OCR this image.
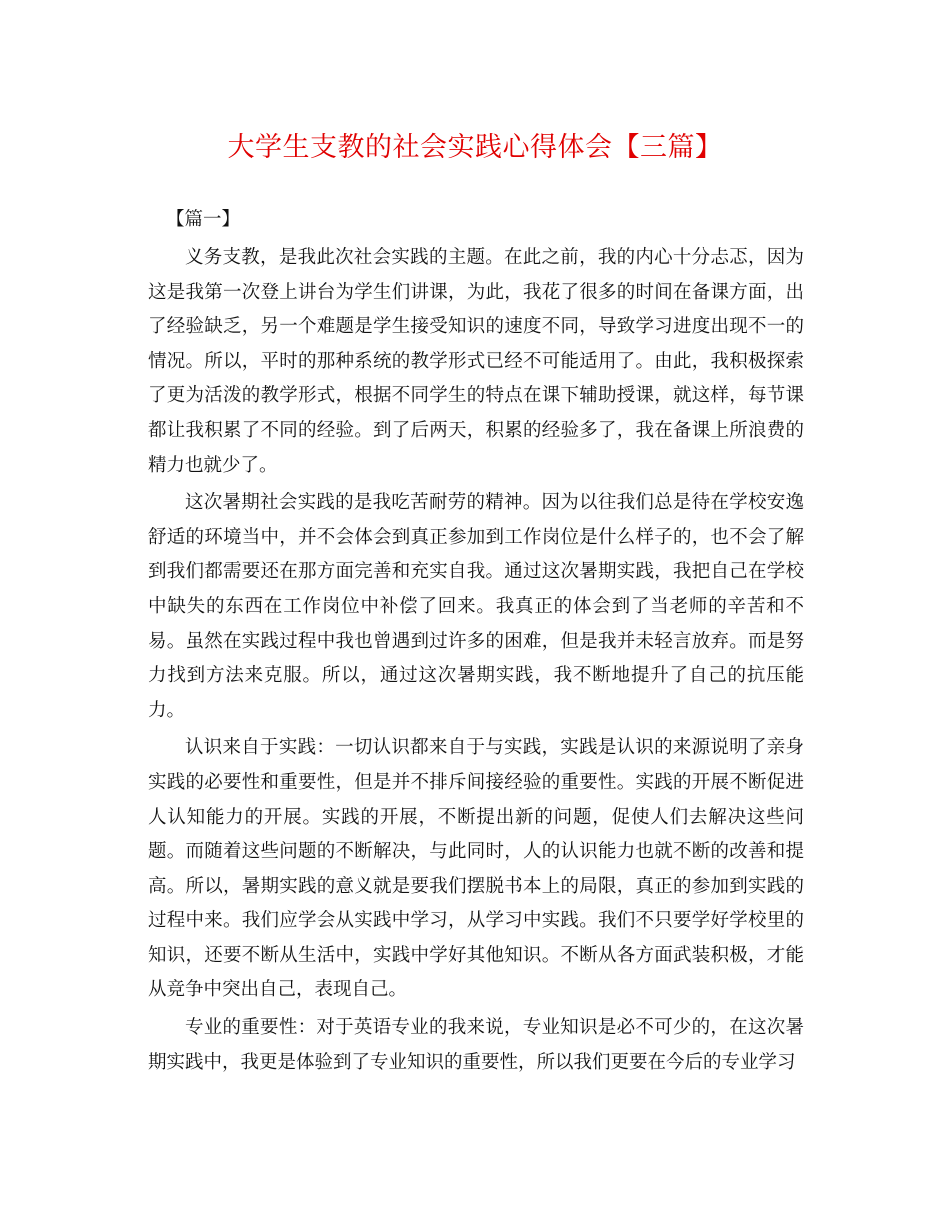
大学生支教的社会实践心得体会【三篇】

【篇一】

义务支教，是我此次社会实践的主题。在此之前，我的内心十分忐忑，因为这是我第一次登上讲台为学生们讲课，为此，我花了很多的时间在备课方面，出了经验缺乏，另一个难题是学生接受知识的速度不同，导致学习进度出现不一的情况。所以，平时的那种系统的教学形式已经不可能适用了。由此，我积极探索了更为活泼的教学形式，根据不同学生的特点在课下辅助授课，就这样，每节课都让我积累了不同的经验。到了后两天，积累的经验多了，我在备课上所浪费的精力也就少了。

这次暑期社会实践的是我吃苦耐劳的精神。因为以往我们总是待在学校安逸舒适的环境当中，并不会体会到真正参加到工作岗位是什么样子的，也不会了解到我们都需要还在那方面完善和充实自我。通过这次暑期实践，我把自己在学校中缺失的东西在工作岗位中补偿了回来。我真正的体会到了当老师的辛苦和不易。虽然在实践过程中我也曾遇到过许多的困难，但是我并未轻言放弃。而是努力找到方法来克服。所以，通过这次暑期实践，我不断地提升了自己的抗压能力。

认识来自于实践：一切认识都来自于与实践，实践是认识的来源说明了亲身实践的必要性和重要性，但是并不排斥间接经验的重要性。实践的开展不断促进人认知能力的开展。实践的开展，不断提出新的问题，促使人们去解决这些问题。而随着这些问题的不断解决，与此同时，人的认识能力也就不断的改善和提高。所以，暑期实践的意义就是要我们摆脱书本上的局限，真正的参加到实践的过程中来。我们应学会从实践中学习，从学习中实践。我们不只要学好学校里的知识，还要不断从生活中，实践中学好其他知识。不断从各方面武装积极，才能从竞争中突出自己，表现自己。

专业的重要性：对于英语专业的我来说，专业知识是必不可少的，在这次暑期实践中，我更是体验到了专业知识的重要性，所以我们更要在今后的专业学习
